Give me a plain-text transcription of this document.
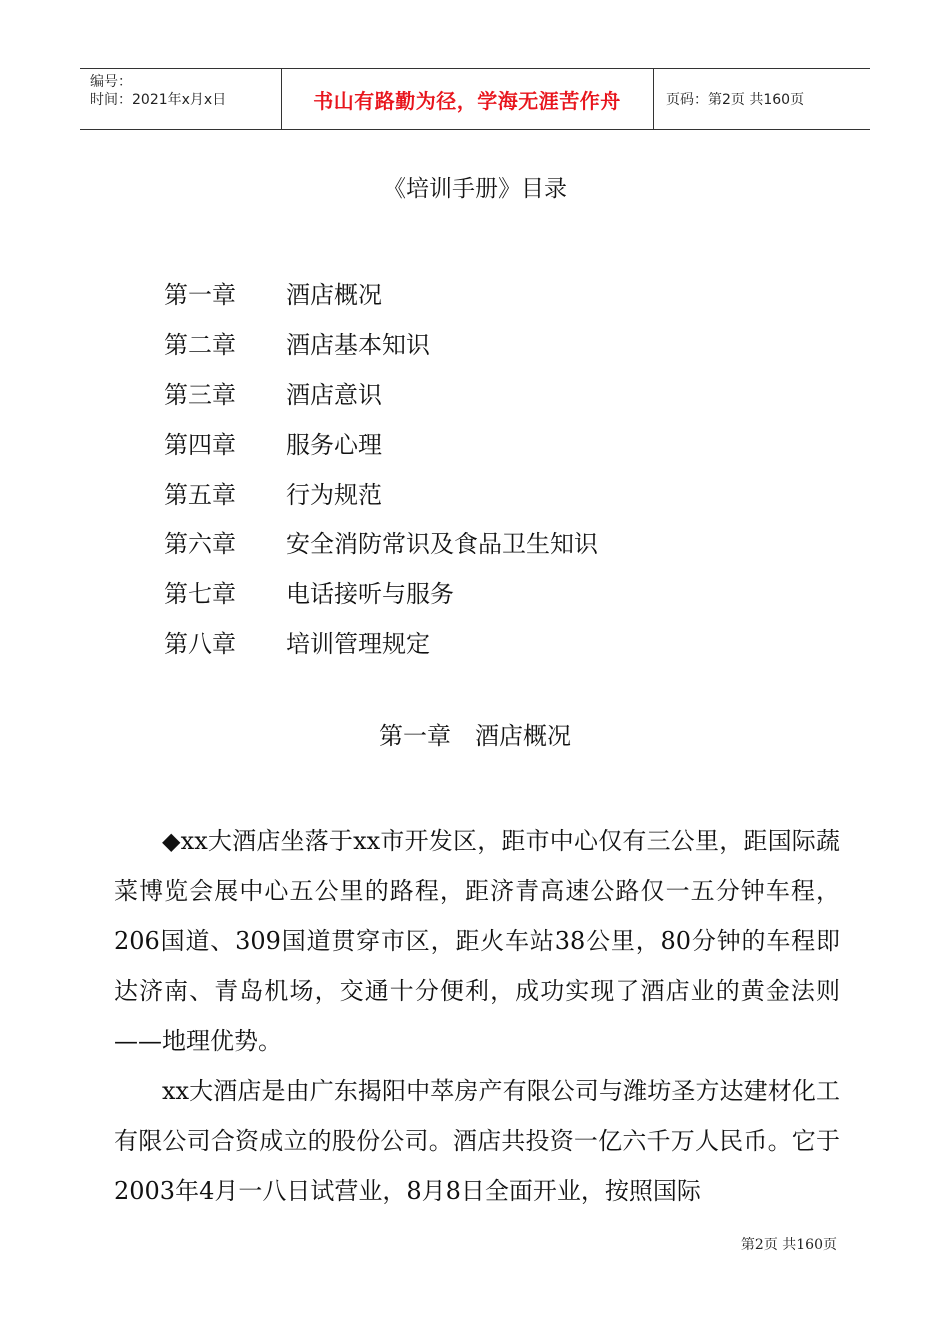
编号：
时间：2021年x月x日	书山有路勤为径，学海无涯苦作舟	页码：第2页 共160页
《培训手册》目录
第一章	酒店概况
第二章	酒店基本知识
第三章	酒店意识
第四章	服务心理
第五章	行为规范
第六章	安全消防常识及食品卫生知识
第七章	电话接听与服务
第八章	培训管理规定
第一章　酒店概况

◆xx大酒店坐落于xx市开发区，距市中心仅有三公里，距国际蔬菜博览会展中心五公里的路程，距济青高速公路仅一五分钟车程，206国道、309国道贯穿市区，距火车站38公里，80分钟的车程即达济南、青岛机场，交通十分便利，成功实现了酒店业的黄金法则——地理优势。

xx大酒店是由广东揭阳中萃房产有限公司与潍坊圣方达建材化工有限公司合资成立的股份公司。酒店共投资一亿六千万人民币。它于2003年4月一八日试营业，8月8日全面开业，按照国际

第2页 共160页
